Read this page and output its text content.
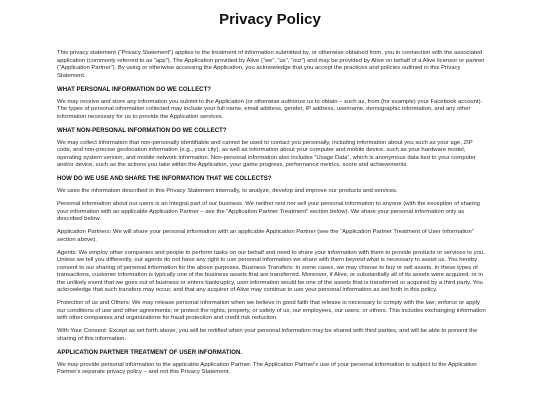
Privacy Policy

This privacy statement (“Privacy Statement”) applies to the treatment of information submitted by, or otherwise obtained from, you in connection with the associated application (commonly referred to as “app”). The Application provided by Alive (“we”, “us”, “our”) and may be provided by Alive on behalf of a Alive licensor or partner (“Application Partner”). By using or otherwise accessing the Application, you acknowledge that you accept the practices and policies outlined in this Privacy Statement.

WHAT PERSONAL INFORMATION DO WE COLLECT?

We may receive and store any information you submit to the Application (or otherwise authorize us to obtain – such as, from (for example) your Facebook account). The types of personal information collected may include your full name, email address, gender, IP address, username, demographic information, and any other information necessary for us to provide the Application services.

WHAT NON-PERSONAL INFORMATION DO WE COLLECT?

We may collect information that non-personally identifiable and cannot be used to contact you personally, including information about you such as your age, ZIP code, and non-precise geolocation information (e.g., your city), as well as information about your computer and mobile device, such as your hardware model, operating system version, and mobile network information. Non-personal information also includes “Usage Data”, which is anonymous data tied to your computer and/or device, such as the actions you take within the Application, your game progress, performance metrics, score and achievements.

HOW DO WE USE AND SHARE THE INFORMATION THAT WE COLLECTS?

We uses the information described in this Privacy Statement internally, to analyze, develop and improve our products and services.

Personal information about our users is an integral part of our business. We neither rent nor sell your personal information to anyone (with the exception of sharing your information with an applicable Application Partner – see the “Application Partner Treatment” section below). We share your personal information only as described below.

Application Partners: We will share your personal information with an applicable Application Partner (see the “Application Partner Treatment of User Information” section above).

Agents: We employ other companies and people to perform tasks on our behalf and need to share your information with them to provide products or services to you. Unless we tell you differently, our agents do not have any right to use personal information we share with them beyond what is necessary to assist us. You hereby consent to our sharing of personal information for the above purposes. Business Transfers: In some cases, we may choose to buy or sell assets. In these types of transactions, customer information is typically one of the business assets that are transferred. Moreover, if Alive, or substantially all of its assets were acquired, or in the unlikely event that we goes out of business or enters bankruptcy, user information would be one of the assets that is transferred or acquired by a third party. You acknowledge that such transfers may occur, and that any acquirer of Alive may continue to use your personal information as set forth in this policy.

Protection of us and Others: We may release personal information when we believe in good faith that release is necessary to comply with the law; enforce or apply our conditions of use and other agreements; or protect the rights, property, or safety of us, our employees, our users, or others. This includes exchanging information with other companies and organizations for fraud protection and credit risk reduction.

With Your Consent: Except as set forth above, you will be notified when your personal information may be shared with third parties, and will be able to prevent the sharing of this information.

APPLICATION PARTNER TREATMENT OF USER INFORMATION.

We may provide personal information to the applicable Application Partner. The Application Partner's use of your personal information is subject to the Application Partner's separate privacy policy – and not this Privacy Statement.
